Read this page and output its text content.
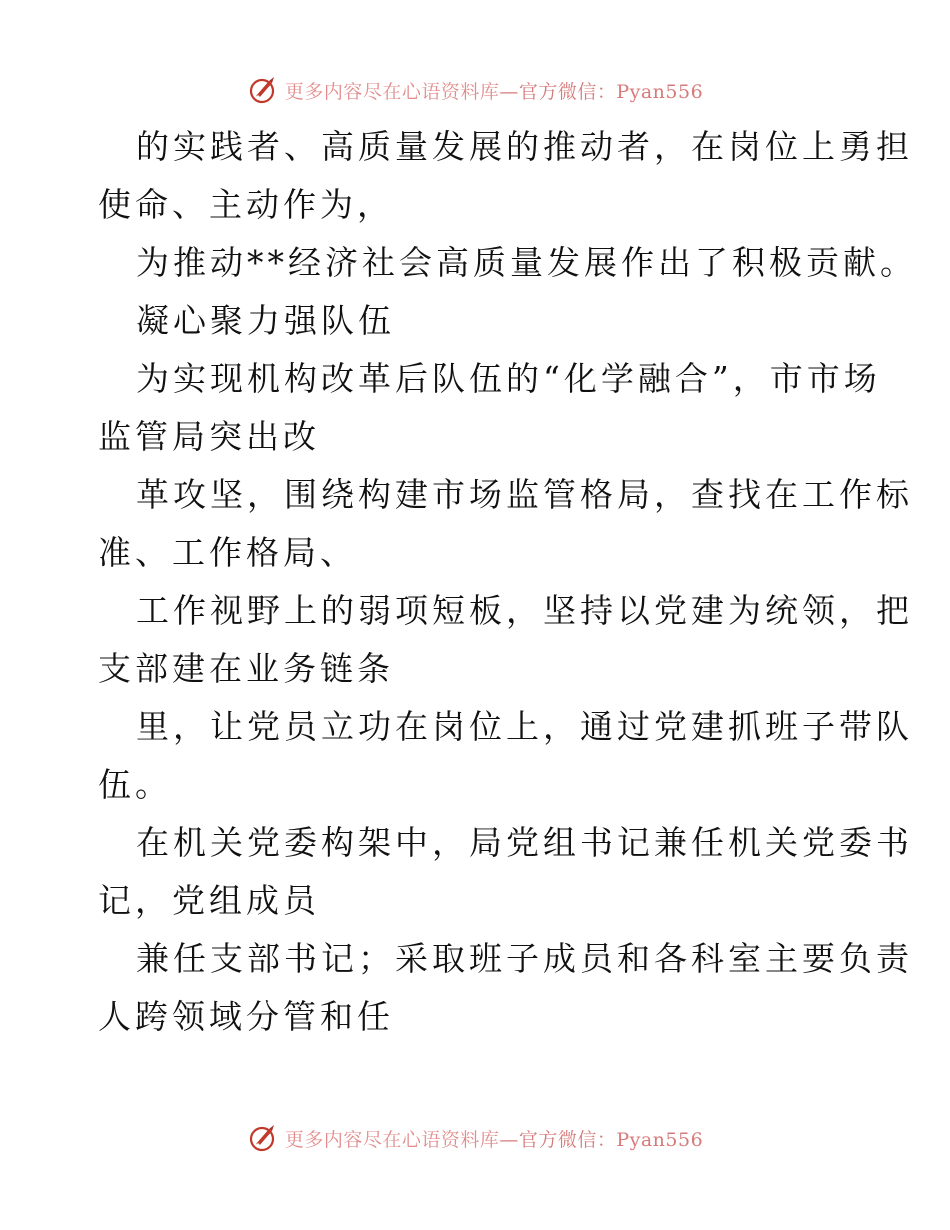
更多内容尽在心语资料库—官方微信：Pyan556

的实践者、高质量发展的推动者，在岗位上勇担

使命、主动作为，

为推动**经济社会高质量发展作出了积极贡献。

凝心聚力强队伍

为实现机构改革后队伍的“化学融合”，市市场

监管局突出改

革攻坚，围绕构建市场监管格局，查找在工作标

准、工作格局、

工作视野上的弱项短板，坚持以党建为统领，把

支部建在业务链条

里，让党员立功在岗位上，通过党建抓班子带队

伍。

在机关党委构架中，局党组书记兼任机关党委书

记，党组成员

兼任支部书记；采取班子成员和各科室主要负责

人跨领域分管和任

更多内容尽在心语资料库—官方微信：Pyan556
